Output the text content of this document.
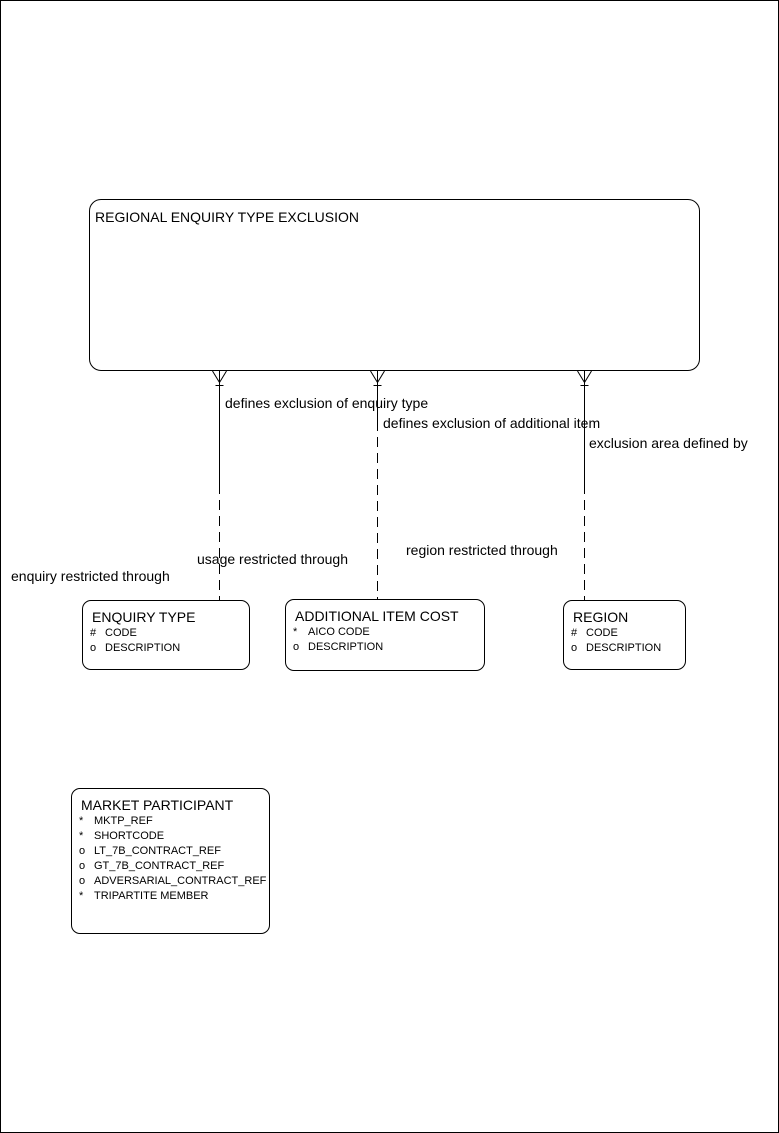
REGIONAL ENQUIRY TYPE EXCLUSION
ENQUIRY TYPE
# CODE
o DESCRIPTION
ADDITIONAL ITEM COST
* AICO CODE
o DESCRIPTION
REGION
# CODE
o DESCRIPTION
MARKET PARTICIPANT
* MKTP_REF
* SHORTCODE
o LT_7B_CONTRACT_REF
o GT_7B_CONTRACT_REF
o ADVERSARIAL_CONTRACT_REF
* TRIPARTITE MEMBER
defines exclusion of enquiry type
defines exclusion of additional item
exclusion area defined by
enquiry restricted through
usage restricted through
region restricted through
